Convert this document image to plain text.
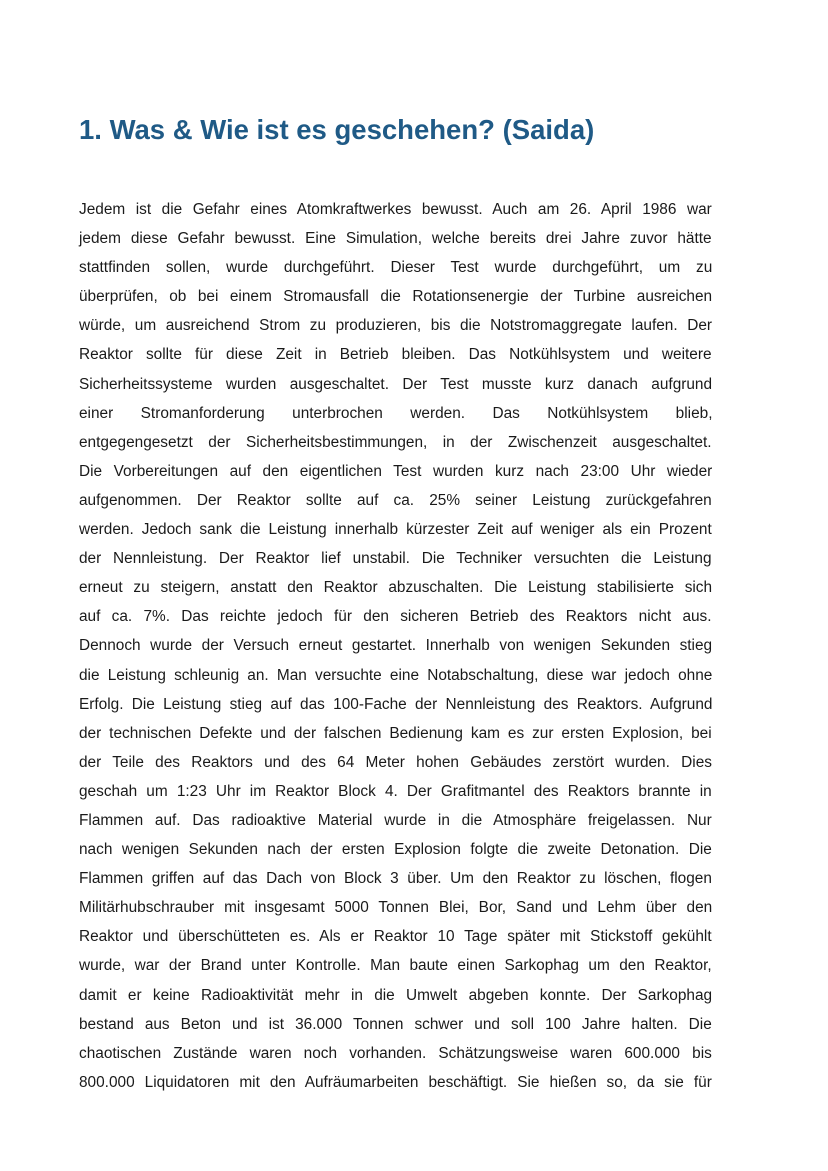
1. Was & Wie ist es geschehen? (Saida)
Jedem ist die Gefahr eines Atomkraftwerkes bewusst. Auch am 26. April 1986 war
jedem diese Gefahr bewusst. Eine Simulation, welche bereits drei Jahre zuvor hätte
stattfinden sollen, wurde durchgeführt. Dieser Test wurde durchgeführt, um zu
überprüfen, ob bei einem Stromausfall die Rotationsenergie der Turbine ausreichen
würde, um ausreichend Strom zu produzieren, bis die Notstromaggregate laufen. Der
Reaktor sollte für diese Zeit in Betrieb bleiben. Das Notkühlsystem und weitere
Sicherheitssysteme wurden ausgeschaltet. Der Test musste kurz danach aufgrund
einer Stromanforderung unterbrochen werden. Das Notkühlsystem blieb,
entgegengesetzt der Sicherheitsbestimmungen, in der Zwischenzeit ausgeschaltet.
Die Vorbereitungen auf den eigentlichen Test wurden kurz nach 23:00 Uhr wieder
aufgenommen. Der Reaktor sollte auf ca. 25% seiner Leistung zurückgefahren
werden. Jedoch sank die Leistung innerhalb kürzester Zeit auf weniger als ein Prozent
der Nennleistung. Der Reaktor lief unstabil. Die Techniker versuchten die Leistung
erneut zu steigern, anstatt den Reaktor abzuschalten. Die Leistung stabilisierte sich
auf ca. 7%. Das reichte jedoch für den sicheren Betrieb des Reaktors nicht aus.
Dennoch wurde der Versuch erneut gestartet. Innerhalb von wenigen Sekunden stieg
die Leistung schleunig an. Man versuchte eine Notabschaltung, diese war jedoch ohne
Erfolg. Die Leistung stieg auf das 100-Fache der Nennleistung des Reaktors. Aufgrund
der technischen Defekte und der falschen Bedienung kam es zur ersten Explosion, bei
der Teile des Reaktors und des 64 Meter hohen Gebäudes zerstört wurden. Dies
geschah um 1:23 Uhr im Reaktor Block 4. Der Grafitmantel des Reaktors brannte in
Flammen auf. Das radioaktive Material wurde in die Atmosphäre freigelassen. Nur
nach wenigen Sekunden nach der ersten Explosion folgte die zweite Detonation. Die
Flammen griffen auf das Dach von Block 3 über. Um den Reaktor zu löschen, flogen
Militärhubschrauber mit insgesamt 5000 Tonnen Blei, Bor, Sand und Lehm über den
Reaktor und überschütteten es. Als er Reaktor 10 Tage später mit Stickstoff gekühlt
wurde, war der Brand unter Kontrolle. Man baute einen Sarkophag um den Reaktor,
damit er keine Radioaktivität mehr in die Umwelt abgeben konnte. Der Sarkophag
bestand aus Beton und ist 36.000 Tonnen schwer und soll 100 Jahre halten. Die
chaotischen Zustände waren noch vorhanden. Schätzungsweise waren 600.000 bis
800.000 Liquidatoren mit den Aufräumarbeiten beschäftigt. Sie hießen so, da sie für
